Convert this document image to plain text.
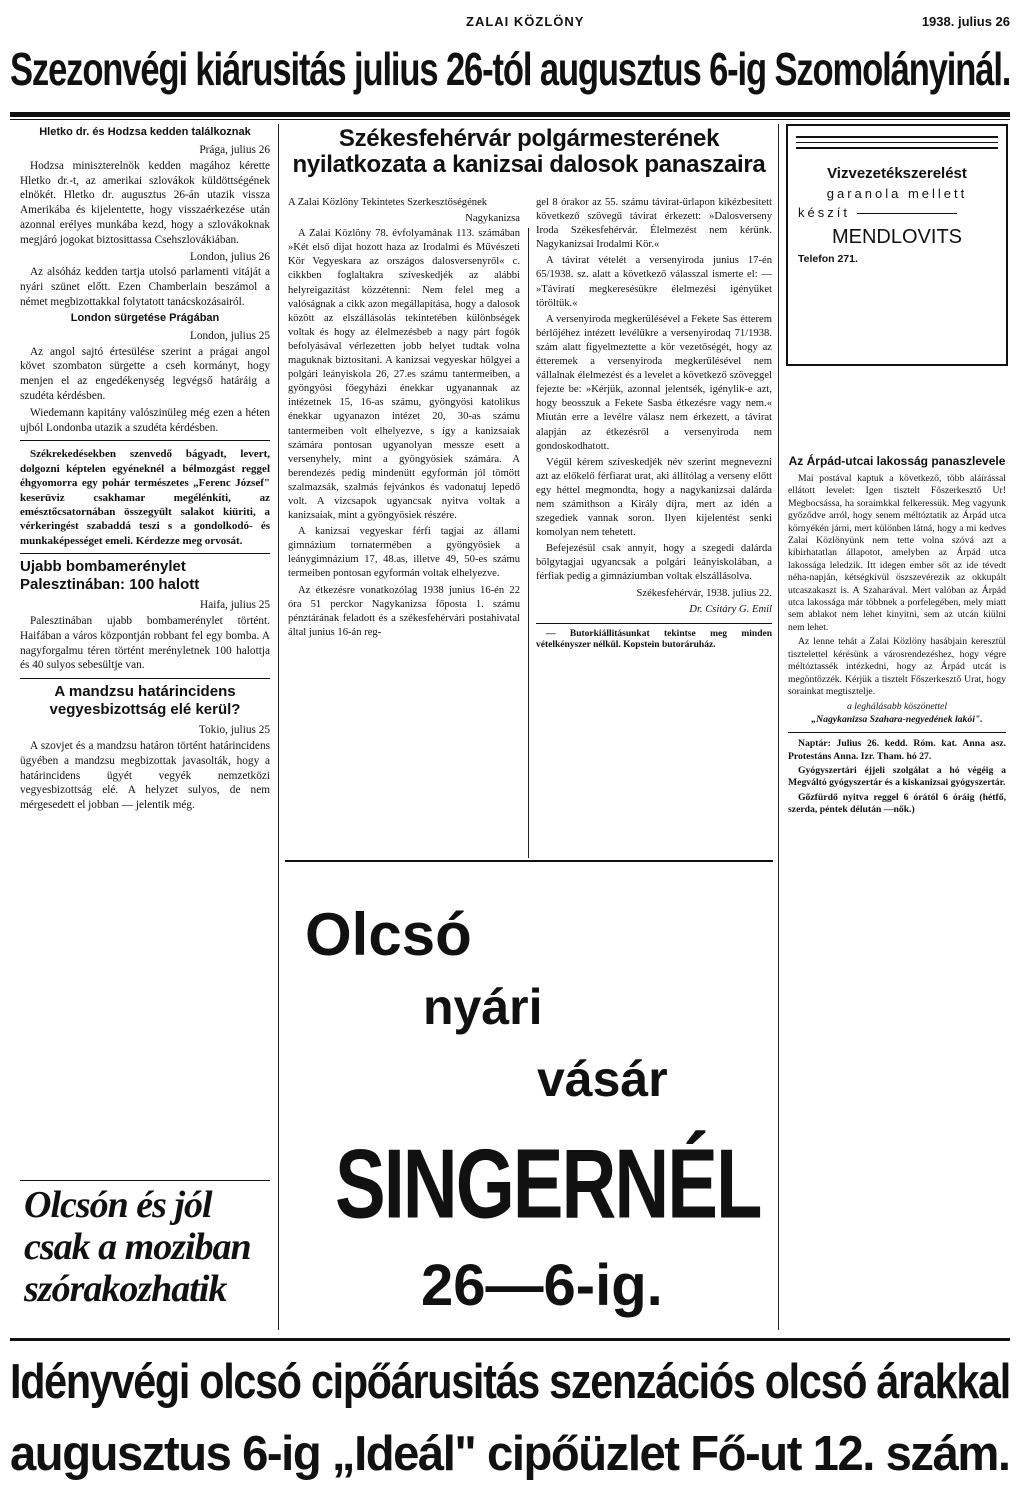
ZALAI KÖZLÖNY	1938. julius 26
Szezonvégi kiárusitás julius 26-tól augusztus 6-ig Szomolányinál.
Hletko dr. és Hodzsa kedden találkoznak
Prága, julius 26

Hodzsa miniszterelnök kedden magához kérette Hletko dr.-t, az amerikai szlovákok küldöttségének elnökét. Hletko dr. augusztus 26-án utazik vissza Amerikába és kijelentette, hogy visszaérkezése után azonnal erélyes munkába kezd, hogy a szlovákoknak megjáró jogokat biztosittassa Csehszlovákiában.

London, julius 26

Az alsóház kedden tartja utolsó parlamenti vitáját a nyári szünet előtt. Ezen Chamberlain beszámol a német megbizottakkal folytatott tanácskozásairól.

London sürgetése Prágában
London, julius 25

Az angol sajtó értesülése szerint a prágai angol követ szombaton sürgette a cseh kormányt, hogy menjen el az engedékenység legvégső határáig a szudéta kérdésben.

Wiedemann kapitány valószinüleg még ezen a héten ujból Londonba utazik a szudéta kérdésben.

Székrekedésekben szenvedő bágyadt, levert, dolgozni képtelen egyéneknél a bélmozgást reggel éhgyomorra egy pohár természetes „Ferenc József" keserüviz csakhamar megélénkíti, az emésztőcsatornában összegyült salakot kiüriti, a vérkeringést szabaddá teszi s a gondolkodó- és munkaképességet emeli. Kérdezze meg orvosát.

Ujabb bombamerénylet Palesztinában: 100 halott
Haifa, julius 25

Palesztinában ujabb bombamerénylet történt. Haifában a város központján robbant fel egy bomba. A nagyforgalmu téren történt merényletnek 100 halottja és 40 sulyos sebesültje van.

A mandzsu határincidens vegyesbizottság elé kerül?
Tokio, julius 25

A szovjet és a mandzsu határon történt határincidens ügyében a mandzsu megbizottak javasolták, hogy a határincidens ügyét vegyék nemzetközi vegyesbizottság elé. A helyzet sulyos, de nem mérgesedett el jobban — jelentik még.

Olcsón és jól
csak a moziban
szórakozhatik
Székesfehérvár polgármesterének nyilatkozata a kanizsai dalosok panaszaira
A Zalai Közlöny Tekintetes Szerkesztőségének
Nagykanizsa

A Zalai Közlöny 78. évfolyamának 113. számában »Két első dijat hozott haza az Irodalmi és Művészeti Kör Vegyeskara az országos dalosversenyről« c. cikkben foglaltakra szíveskedjék az alábbi helyreigazítást közzétenni: Nem felel meg a valóságnak a cikk azon megállapítása, hogy a dalosok között az elszállásolás tekintetében különbségek voltak és hogy az élelmezésbeb a nagy párt fogók befolyásával vérlezetten jobb helyet tudtak volna maguknak biztositani. A kanizsai vegyeskar hölgyei a polgári leányiskola 26, 27.es számu tantermeiben, a gyöngyösi főegyházi énekkar ugyanannak az intézetnek 15, 16-as számu, gyöngyösi katolikus énekkar ugyanazon intézet 20, 30-as számu tantermeiben volt elhelyezve, s így a kanizsaiak számára pontosan ugyanolyan messze esett a versenyhely, mint a gyöngyösiek számára. A berendezés pedig mindenütt egyformán jól tömött szalmazsák, szalmás fejvánkos és vadonatuj lepedő volt. A vizcsapok ugyancsak nyitva voltak a kanizsaiak, mint a gyöngyösiek részére.

A kanizsai vegyeskar férfi tagjai az állami gimnázium tornatermében a gyöngyösiek a leánygimnázium 17, 48.as, illetve 49, 50-es számu termeiben pontosan egyformán voltak elhelyezve.

Az étkezésre vonatkozólag 1938 junius 16-én 22 óra 51 perckor Nagykanizsa főposta 1. számu pénztárának feladott és a székesfehérvári postahivatal által junius 16-án reg-

gel 8 órakor az 55. számu távirat-űrlapon kikézbesitett következő szövegű távirat érkezett: »Dalosverseny Iroda Székesfehérvár. Élelmezést nem kérünk. Nagykanizsai Irodalmi Kör.«

A távirat vételét a versenyiroda junius 17-én 65/1938. sz. alatt a következő válasszal ismerte el: — »Táviratí megkeresésükre élelmezési igényüket töröltük.«

A versenyiroda megkerülésével a Fekete Sas étterem bérlőjéhez intézett levélükre a versenyirodaq 71/1938. szám alatt figyelmeztette a kör vezetőségét, hogy az étteremek a versenyiroda megkerülésével nem vállalnak élelmezést és a levelet a következő szöveggel fejezte be: »Kérjük, azonnal jelentsék, igénylik-e azt, hogy beosszuk a Fekete Sasba étkezésre vagy nem.« Miután erre a levélre válasz nem érkezett, a távirat alapján az étkezésről a versenyiroda nem gondoskodhatott.

Végül kérem szíveskedjék név szerint megnevezni azt az előkelő férfiarat urat, aki állítólag a verseny előtt egy héttel megmondta, hogy a nagykanizsai dalárda nem számithson a Király díjra, mert az idén a szegediek vannak soron. Ilyen kijelentést senki komolyan nem tehetett.

Befejezésül csak annyit, hogy a szegedi dalárda bölgytagjai ugyancsak a polgári leányiskolában, a férfiak pedig a gimnáziumban voltak elszállásolva.

Székesfehérvár, 1938. julius 22.
Dr. Csitáry G. Emil

— Butorkiállitásunkat tekintse meg minden vételkényszer nélkül. Kopstein butoráruház.

Olcsó
nyári
vásár
SINGERNÉL
26—6-ig.
Vizvezetékszerelést
garanola mellett
készít
MENDLOVITS
Telefon 271.
Az Árpád-utcai lakosság panaszlevele

Mai postával kaptuk a következő, több aláírással ellátott levelet: Igen tisztelt Főszerkesztő Ur! Megbocsássa, ha soraimkkal felkeressük. Meg vagyunk győződve arról, hogy senem méltóztatik az Árpád utca környékén járni, mert különben látná, hogy a mi kedves Zalai Közlönyünk nem tette volna szóvá azt a kibirhatatlan állapotot, amelyben az Árpád utca lakossága leledzik. Itt idegen ember sőt az ide tévedt néha-napján, kétségkívül öszszevérezik az okkupált utcaszakaszt is. A Szaharával. Mert valóban az Árpád utca lakossága már többnek a porfelegében, mely miatt sem ablakot nem lehet kinyitni, sem az utcán kiülni nem lehet.

Az lenne tehát a Zalai Közlöny hasábjain keresztül tisztelettel kérésünk a városrendezéshez, hogy végre méltóztassék intézkedni, hogy az Árpád utcát is megöntözzék. Kérjük a tisztelt Főszerkesztő Urat, hogy sorainkat megtisztelje.

a leghálásabb köszönettel
„Nagykanizsa Szahara-negyedének lakói".

Naptár: Julius 26. kedd. Róm. kat. Anna asz. Protestáns Anna. Izr. Tham. hó 27.

Gyógyszertári éjjeli szolgálat a hó végéig a Megváltó gyógyszertár és a kiskanizsai gyógyszertár.

Gőzfürdő nyitva reggel 6 órától 6 óráig (hétfő, szerda, péntek délután —nők.)

Idényvégi olcsó cipőárusitás szenzációs olcsó árakkal
augusztus 6-ig „Ideál" cipőüzlet Fő-ut 12. szám.
